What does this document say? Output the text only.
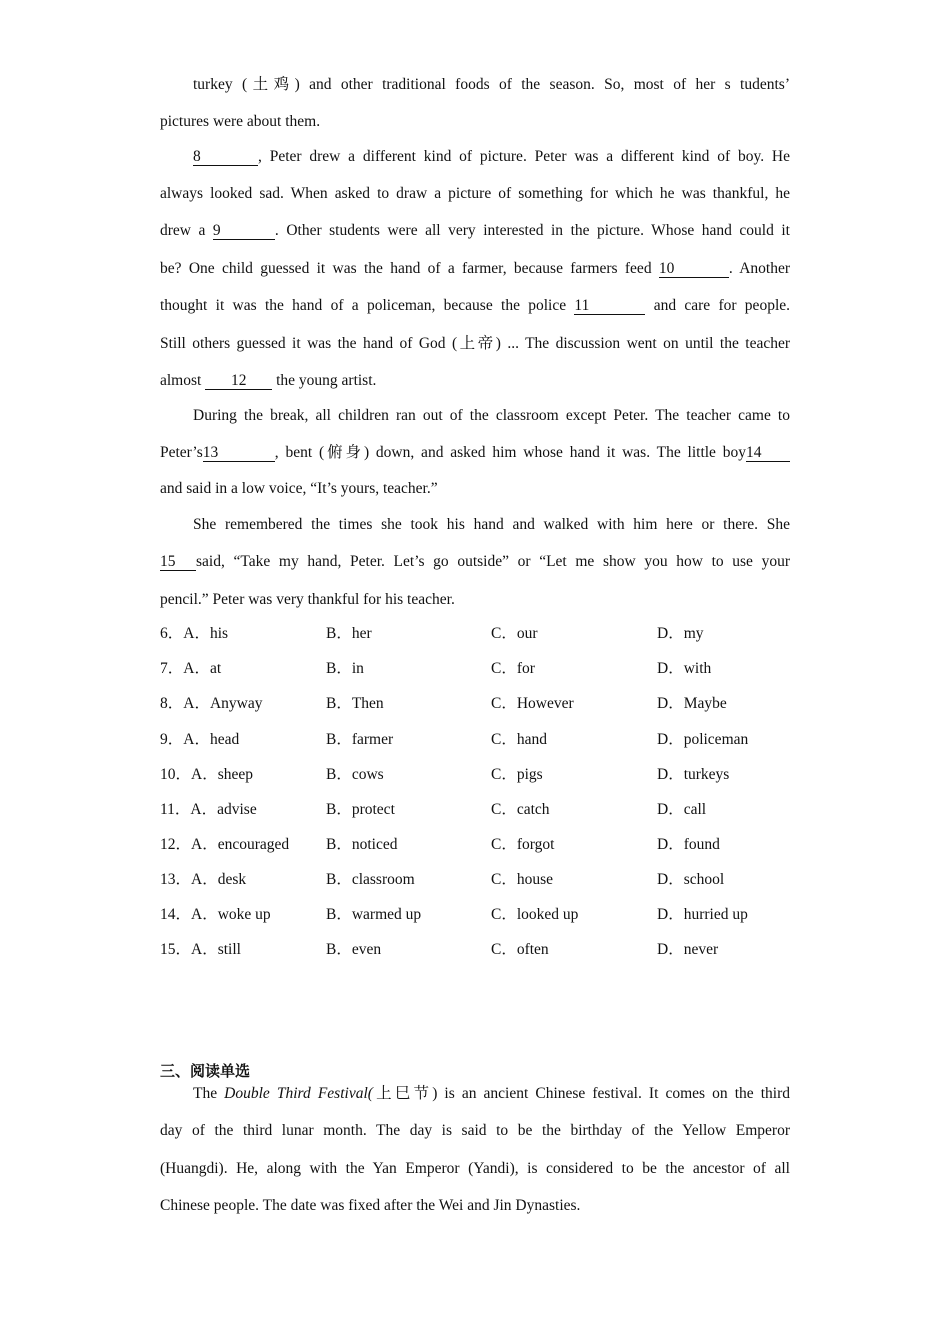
turkey (土鸡) and other traditional foods of the season. So, most of her s tudents’
pictures were about them.
8	, Peter drew a different kind of picture. Peter was a different kind of boy. He
always looked sad. When asked to draw a picture of something for which he was thankful, he
drew a 9	. Other students were all very interested in the picture. Whose hand could it
be? One child guessed it was the hand of a farmer, because farmers feed 10	. Another
thought it was the hand of a policeman, because the police 11	and care for people.
Still others guessed it was the hand of God (上帝) ... The discussion went on until the teacher
almost 12 the young artist.
During the break, all children ran out of the classroom except Peter. The teacher came to
Peter’s13	, bent (俯身) down, and asked him whose hand it was. The little boy14
and said in a low voice, “It’s yours, teacher.”
She remembered the times she took his hand and walked with him here or there. She
15 said, “Take my hand, Peter. Let’s go outside” or “Let me show you how to use your
pencil.” Peter was very thankful for his teacher.
6．A．his	B．her	C．our	D．my
7．A．at	B．in	C．for	D．with
8．A．Anyway	B．Then	C．However	D．Maybe
9．A．head	B．farmer	C．hand	D．policeman
10．A．sheep	B．cows	C．pigs	D．turkeys
11．A．advise	B．protect	C．catch	D．call
12．A．encouraged B．noticed	C．forgot	D．found
13．A．desk	B．classroom	C．house	D．school
14．A．woke up	B．warmed up	C．looked up	D．hurried up
15．A．still	B．even	C．often	D．never
三、阅读单选
The Double Third Festival(上巳节) is an ancient Chinese festival. It comes on the third
day of the third lunar month. The day is said to be the birthday of the Yellow Emperor
(Huangdi). He, along with the Yan Emperor (Yandi), is considered to be the ancestor of all
Chinese people. The date was fixed after the Wei and Jin Dynasties.
